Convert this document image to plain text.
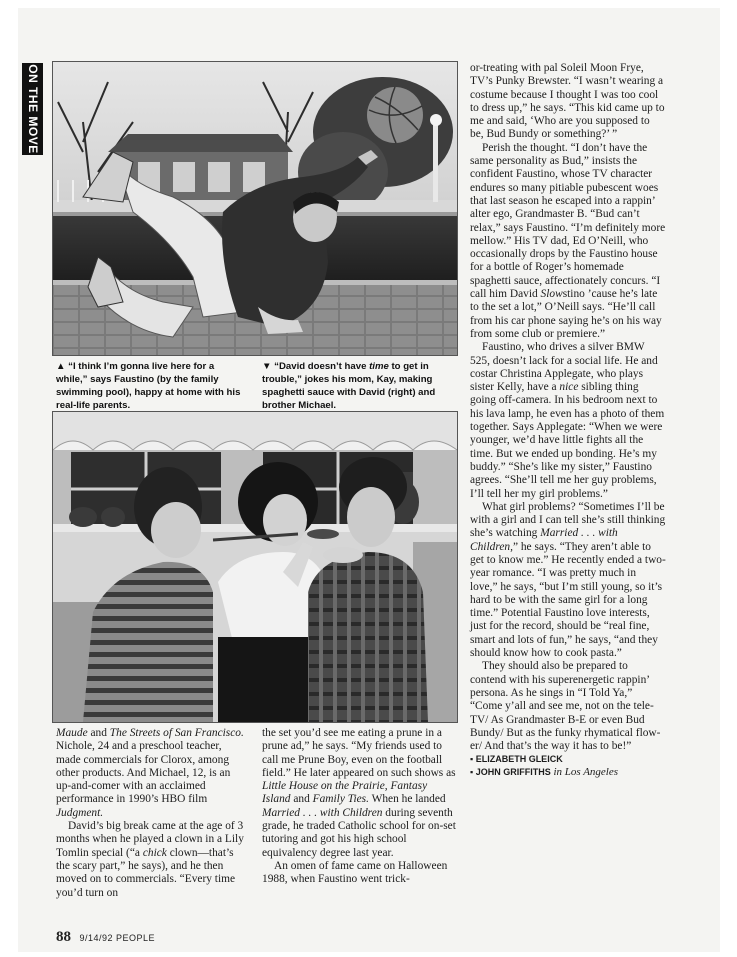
ON THE MOVE
▲ “I think I’m gonna live here for a while,” says Faustino (by the family swimming pool), happy at home with his real-life parents.
▼ “David doesn’t have time to get in trouble,” jokes his mom, Kay, making spaghetti sauce with David (right) and brother Michael.

Maude and The Streets of San Francisco. Nichole, 24 and a preschool teacher, made commercials for Clorox, among other products. And Michael, 12, is an up-and-comer with an acclaimed performance in 1990’s HBO film Judgment.

David’s big break came at the age of 3 months when he played a clown in a Lily Tomlin special (“a chick clown—that’s the scary part,” he says), and he then moved on to commercials. “Every time you’d turn on

the set you’d see me eating a prune in a prune ad,” he says. “My friends used to call me Prune Boy, even on the football field.” He later appeared on such shows as Little House on the Prairie, Fantasy Island and Family Ties. When he landed Married . . . with Children during seventh grade, he traded Catholic school for on-set tutoring and got his high school equivalency degree last year.

An omen of fame came on Halloween 1988, when Faustino went trick-

or-treating with pal Soleil Moon Frye, TV’s Punky Brewster. “I wasn’t wearing a costume because I thought I was too cool to dress up,” he says. “This kid came up to me and said, ‘Who are you supposed to be, Bud Bundy or something?’ ”

Perish the thought. “I don’t have the same personality as Bud,” insists the confident Faustino, whose TV character endures so many pitiable pubescent woes that last season he escaped into a rappin’ alter ego, Grandmaster B. “Bud can’t relax,” says Faustino. “I’m definitely more mellow.” His TV dad, Ed O’Neill, who occasionally drops by the Faustino house for a bottle of Roger’s homemade spaghetti sauce, affectionately concurs. “I call him David Slowstino ’cause he’s late to the set a lot,” O’Neill says. “He’ll call from his car phone saying he’s on his way from some club or premiere.”

Faustino, who drives a silver BMW 525, doesn’t lack for a social life. He and costar Christina Applegate, who plays sister Kelly, have a nice sibling thing going off-camera. In his bedroom next to his lava lamp, he even has a photo of them together. Says Applegate: “When we were younger, we’d have little fights all the time. But we ended up bonding. He’s my buddy.” “She’s like my sister,” Faustino agrees. “She’ll tell me her guy problems, I’ll tell her my girl problems.”

What girl problems? “Sometimes I’ll be with a girl and I can tell she’s still thinking she’s watching Married . . . with Children,” he says. “They aren’t able to get to know me.” He recently ended a two-year romance. “I was pretty much in love,” he says, “but I’m still young, so it’s hard to be with the same girl for a long time.” Potential Faustino love interests, just for the record, should be “real fine, smart and lots of fun,” he says, “and they should know how to cook pasta.”

They should also be prepared to contend with his superenergetic rappin’ persona. As he sings in “I Told Ya,” “Come y’all and see me, not on the tele-TV/ As Grandmaster B-E or even Bud Bundy/ But as the funky rhymatical flow-er/ And that’s the way it has to be!”

▪ ELIZABETH GLEICK

▪ JOHN GRIFFITHS in Los Angeles

88 9/14/92 PEOPLE
